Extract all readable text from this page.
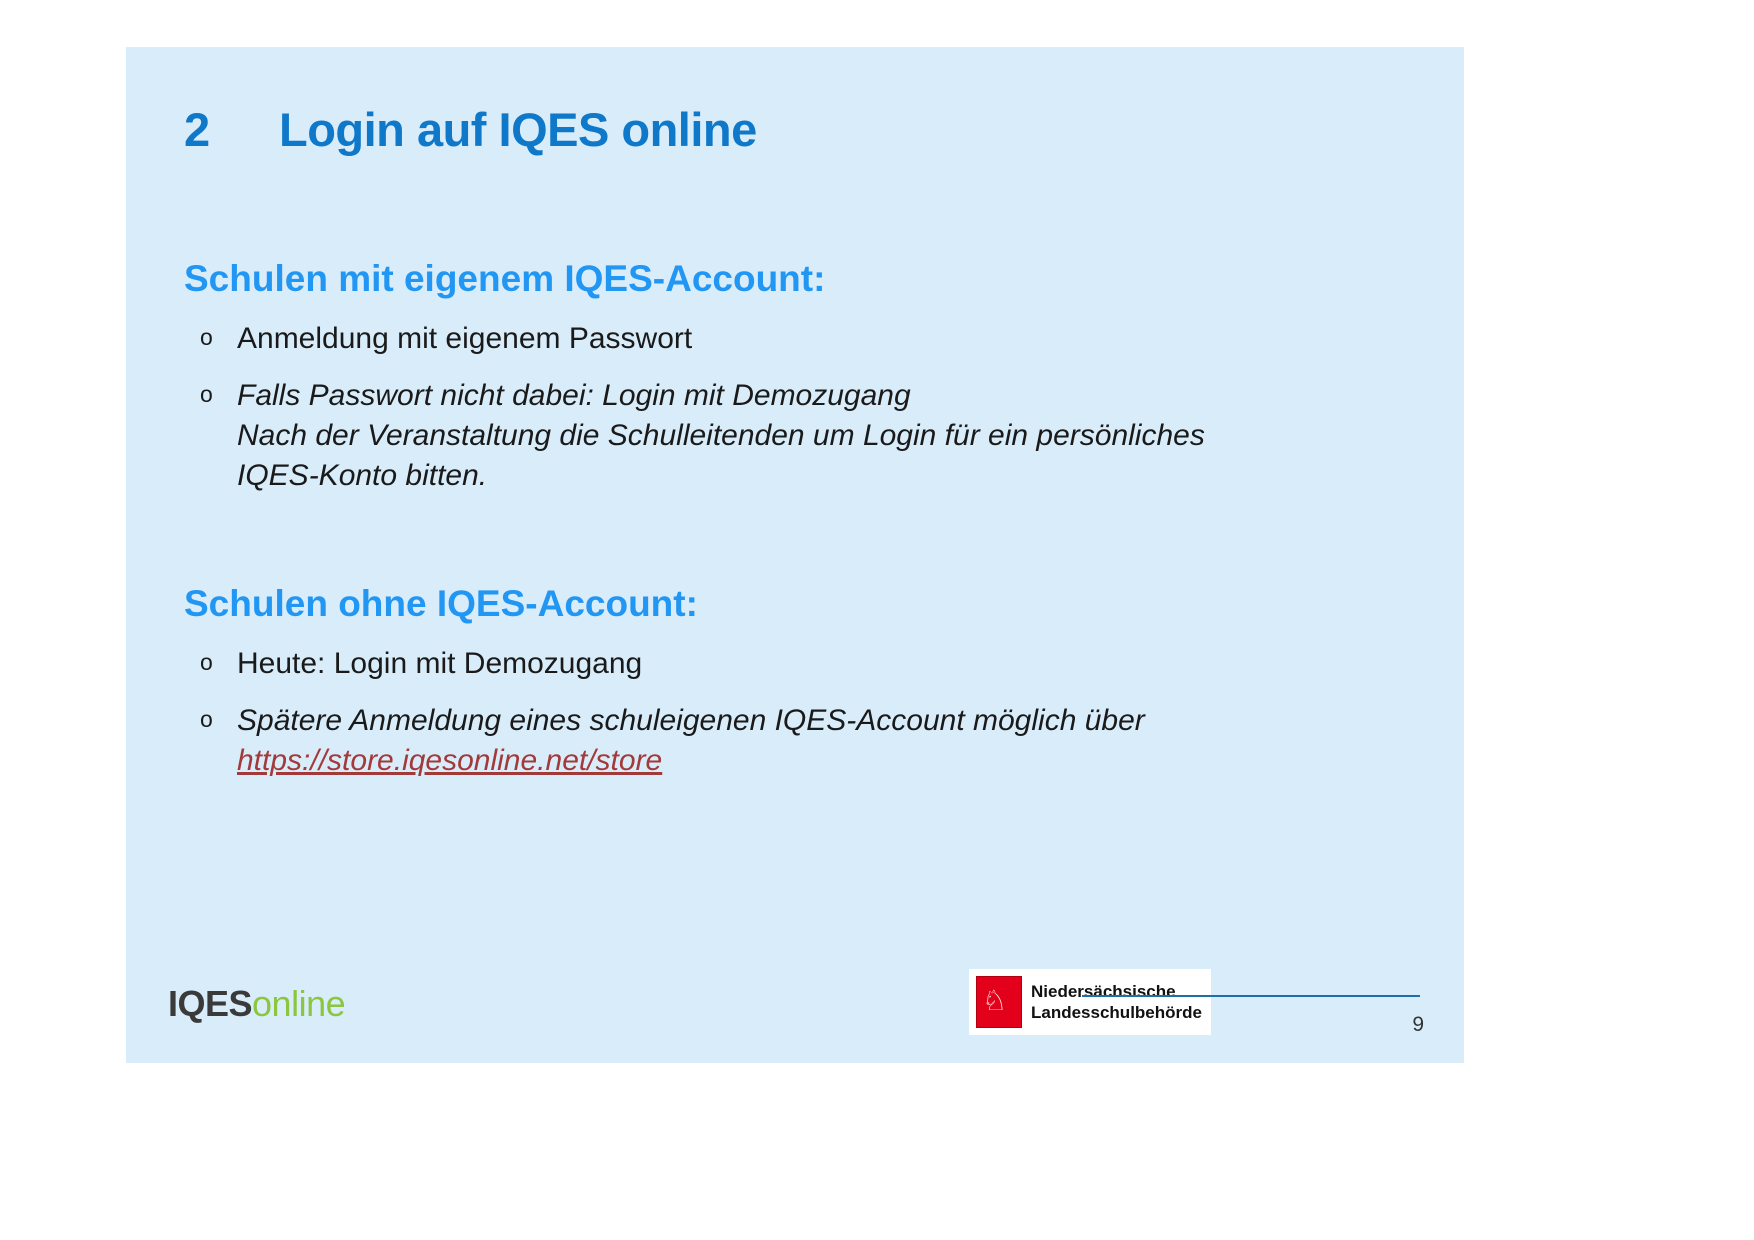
2	Login auf IQES online
Schulen mit eigenem IQES-Account:
o Anmeldung mit eigenem Passwort
o Falls Passwort nicht dabei: Login mit Demozugang
Nach der Veranstaltung die Schulleitenden um Login für ein persönliches
IQES-Konto bitten.
Schulen ohne IQES-Account:
o Heute: Login mit Demozugang
o Spätere Anmeldung eines schuleigenen IQES-Account möglich über
https://store.iqesonline.net/store
IQESonline	♘ Niedersächsische
Landesschulbehörde
9
